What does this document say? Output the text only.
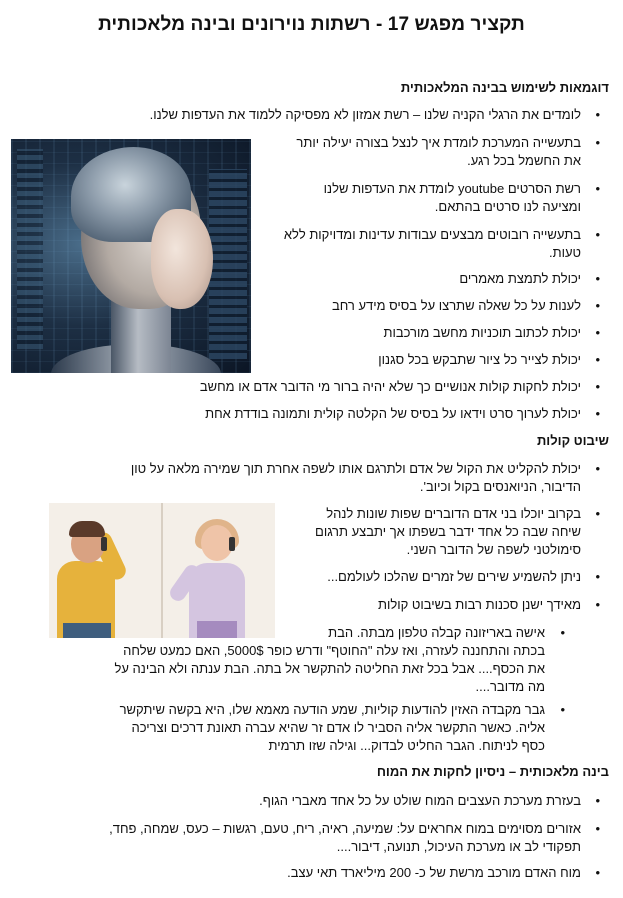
תקציר מפגש 17 - רשתות נוירונים ובינה מלאכותית
דוגמאות לשימוש בבינה המלאכותית
• לומדים את הרגלי הקניה שלנו – רשת אמזון לא מפסיקה ללמוד את העדפות שלנו.
• בתעשייה המערכת לומדת איך לנצל בצורה יעילה יותר
את החשמל בכל רגע.
• רשת הסרטים youtube לומדת את העדפות שלנו
ומציעה לנו סרטים בהתאם.
• בתעשייה רובוטים מבצעים עבודות עדינות ומדויקות ללא
טעות.
• יכולת לתמצת מאמרים
• לענות על כל שאלה שתרצו על בסיס מידע רחב
• יכולת לכתוב תוכניות מחשב מורכבות
• יכולת לצייר כל ציור שתבקש בכל סגנון
• יכולת לחקות קולות אנושיים כך שלא יהיה ברור מי הדובר אדם או מחשב
• יכולת לערוך סרט וידאו על בסיס של הקלטה קולית ותמונה בודדת אחת
שיבוט קולות
• יכולת להקליט את הקול של אדם ולתרגם אותו לשפה אחרת תוך שמירה מלאה על טון
הדיבור, הניואנסים בקול וכיוב'.
• בקרוב יוכלו בני אדם הדוברים שפות שונות לנהל
שיחה שבה כל אחד ידבר בשפתו אך יתבצע תרגום
סימולטני לשפה של הדובר השני.
• ניתן להשמיע שירים של זמרים שהלכו לעולמם...
• מאידך ישנן סכנות רבות בשיבוט קולות
• אישה באריזונה קבלה טלפון מבתה. הבת
בכתה והתחננה לעזרה, ואז עלה "החוטף" ודרש כופר 5000$, האם כמעט שלחה
את הכסף.... אבל בכל זאת החליטה להתקשר אל בתה. הבת ענתה ולא הבינה על
מה מדובר....
• גבר מקבדה האזין להודעות קוליות, שמע הודעה מאמא שלו, היא בקשה שיתקשר
אליה. כאשר התקשר אליה הסביר לו אדם זר שהיא עברה תאונת דרכים וצריכה
כסף לניתוח. הגבר החליט לבדוק... וגילה שזו תרמית
בינה מלאכותית – ניסיון לחקות את המוח
• בעזרת מערכת העצבים המוח שולט על כל אחד מאברי הגוף.
• אזורים מסוימים במוח אחראים על: שמיעה, ראיה, ריח, טעם, רגשות – כעס, שמחה, פחד,
תפקודי לב או מערכת העיכול, תנועה, דיבור....
• מוח האדם מורכב מרשת של כ- 200 מיליארד תאי עצב.
